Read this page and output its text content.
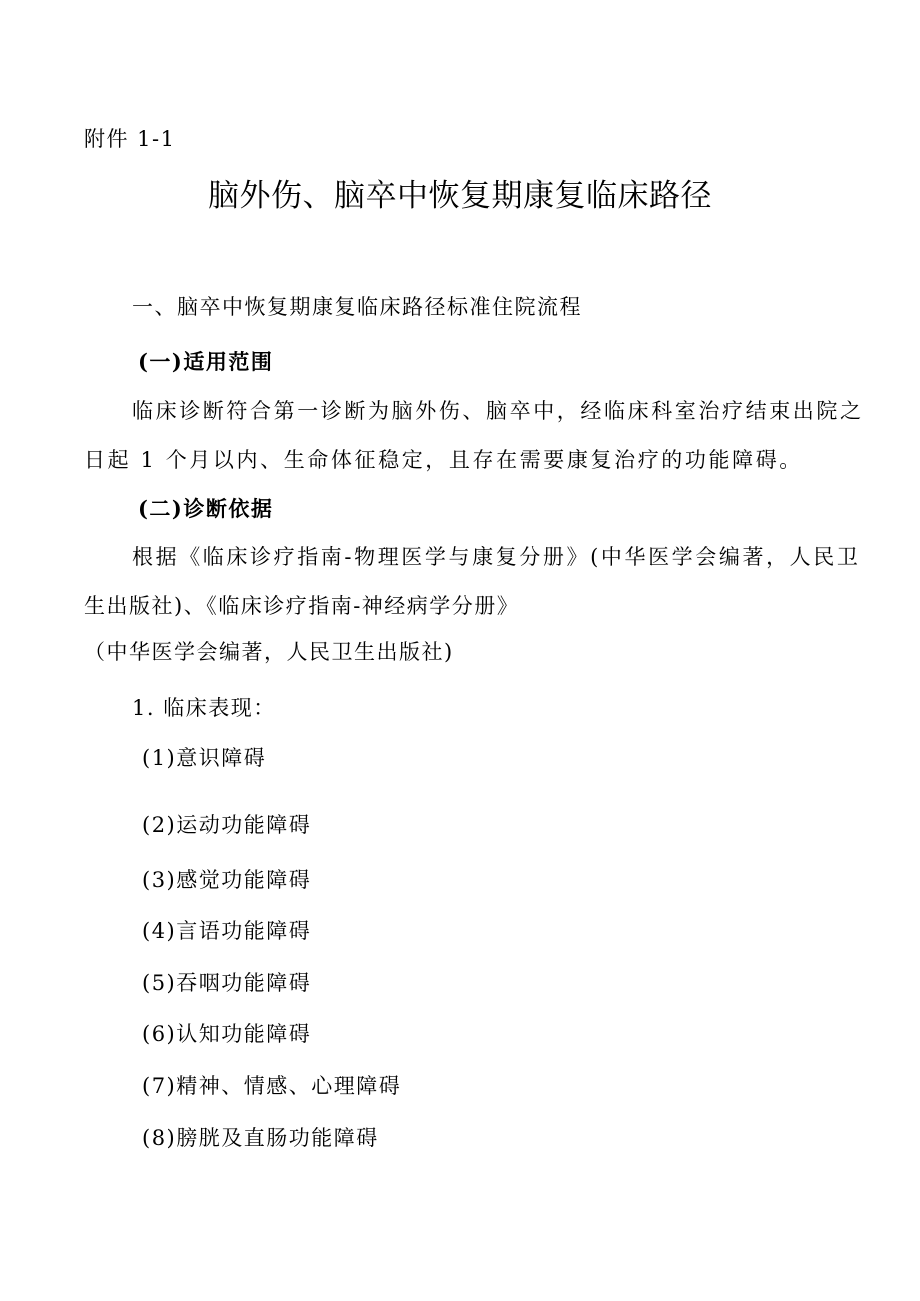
附件 1-1
脑外伤、脑卒中恢复期康复临床路径
一、脑卒中恢复期康复临床路径标准住院流程
(一)适用范围
临床诊断符合第一诊断为脑外伤、脑卒中，经临床科室治疗结束出院之
日起 1 个月以内、生命体征稳定，且存在需要康复治疗的功能障碍。
(二)诊断依据
根据《临床诊疗指南-物理医学与康复分册》(中华医学会编著，人民卫
生出版社)、《临床诊疗指南-神经病学分册》
（中华医学会编著，人民卫生出版社)
1. 临床表现：
(1)意识障碍
(2)运动功能障碍
(3)感觉功能障碍
(4)言语功能障碍
(5)吞咽功能障碍
(6)认知功能障碍
(7)精神、情感、心理障碍
(8)膀胱及直肠功能障碍
